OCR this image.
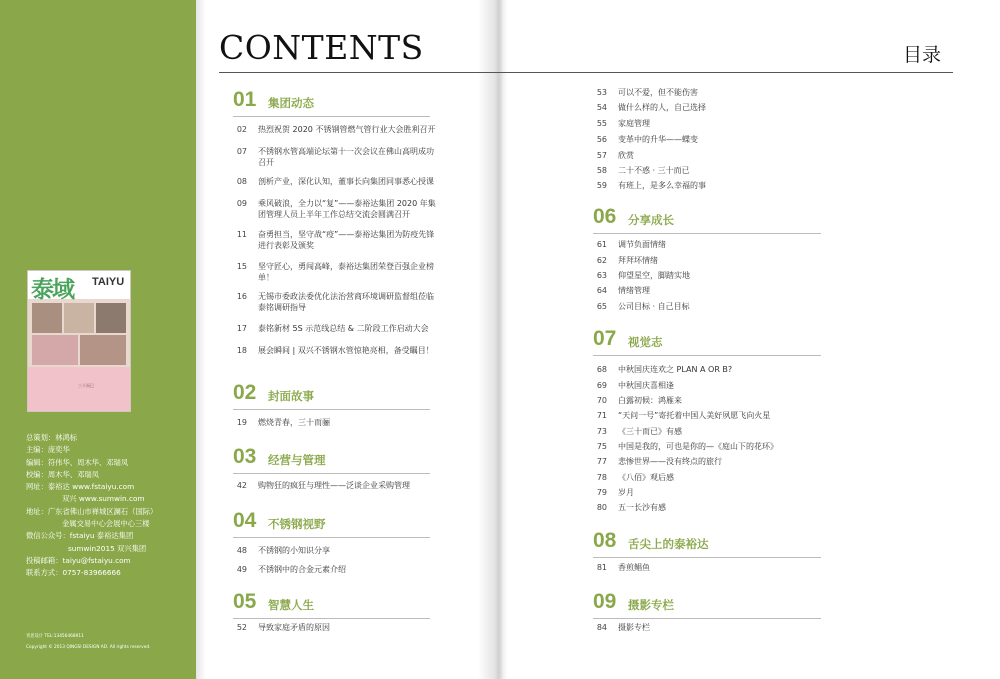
泰域 TAIYU
三十而已
总策划：林鸿标
主编：庞奕华
编辑：符伟华、周木华、邓瑞凤
校编：周木华、邓瑞凤
网址：泰裕达 www.fstaiyu.com
双兴 www.sumwin.com
地址：广东省佛山市禅城区澜石（国际）
金属交易中心会展中心三楼
微信公众号：fstaiyu 泰裕达集团
sumwin2015 双兴集团
投稿邮箱：taiyu@fstaiyu.com
联系方式：0757-83966666
青思设计 TEL:13456468911
Copyright © 2013 QINGSI DESIGN AD. All rights reserved.
CONTENTS	目录
01 集团动态
02 热烈祝贺 2020 不锈钢管燃气管行业大会胜利召开
07 不锈钢水管高端论坛第十一次会议在佛山高明成功召开
08 剖析产业，深化认知，董事长向集团同事悉心授课
09 乘风破浪，全力以“复”——泰裕达集团 2020 年集团管理人员上半年工作总结交流会圆满召开
11 奋勇担当，坚守战“疫”——泰裕达集团为防疫先锋进行表彰及颁奖
15 坚守匠心，勇闯高峰，泰裕达集团荣登百强企业榜单！
16 无锡市委政法委优化法治营商环境调研监督组莅临泰铭调研指导
17 泰铭新材 5S 示范线总结 & 二阶段工作启动大会
18 展会瞬间 | 双兴不锈钢水管惊艳亮相，备受瞩目！
02 封面故事
19 燃烧青春，三十而骊
03 经营与管理
42 购物狂的疯狂与理性——泛谈企业采购管理
04 不锈钢视野
48 不锈钢的小知识分享
49 不锈钢中的合金元素介绍
05 智慧人生
52 导致家庭矛盾的原因
53 可以不爱，但不能伤害
54 做什么样的人，自己选择
55 家庭管理
56 变革中的升华——蝶变
57 欣赏
58 二十不惑 · 三十而已
59 有班上，是多么幸福的事
06 分享成长
61 调节负面情绪
62 拜拜坏情绪
63 仰望星空，脚踏实地
64 情绪管理
65 公司目标 · 自己目标
07 视觉志
68 中秋国庆连欢之 PLAN A OR B?
69 中秋国庆喜相逢
70 白露初候：鸿雁来
71 “天问一号”寄托着中国人美好夙愿飞向火星
73 《三十而已》有感
75 中国是我的，可也是你的—《庭山下的花环》
77 悲惨世界——没有终点的旅行
78 《八佰》观后感
79 岁月
80 五一长沙有感
08 舌尖上的泰裕达
81 香煎鲳鱼
09 摄影专栏
84 摄影专栏
